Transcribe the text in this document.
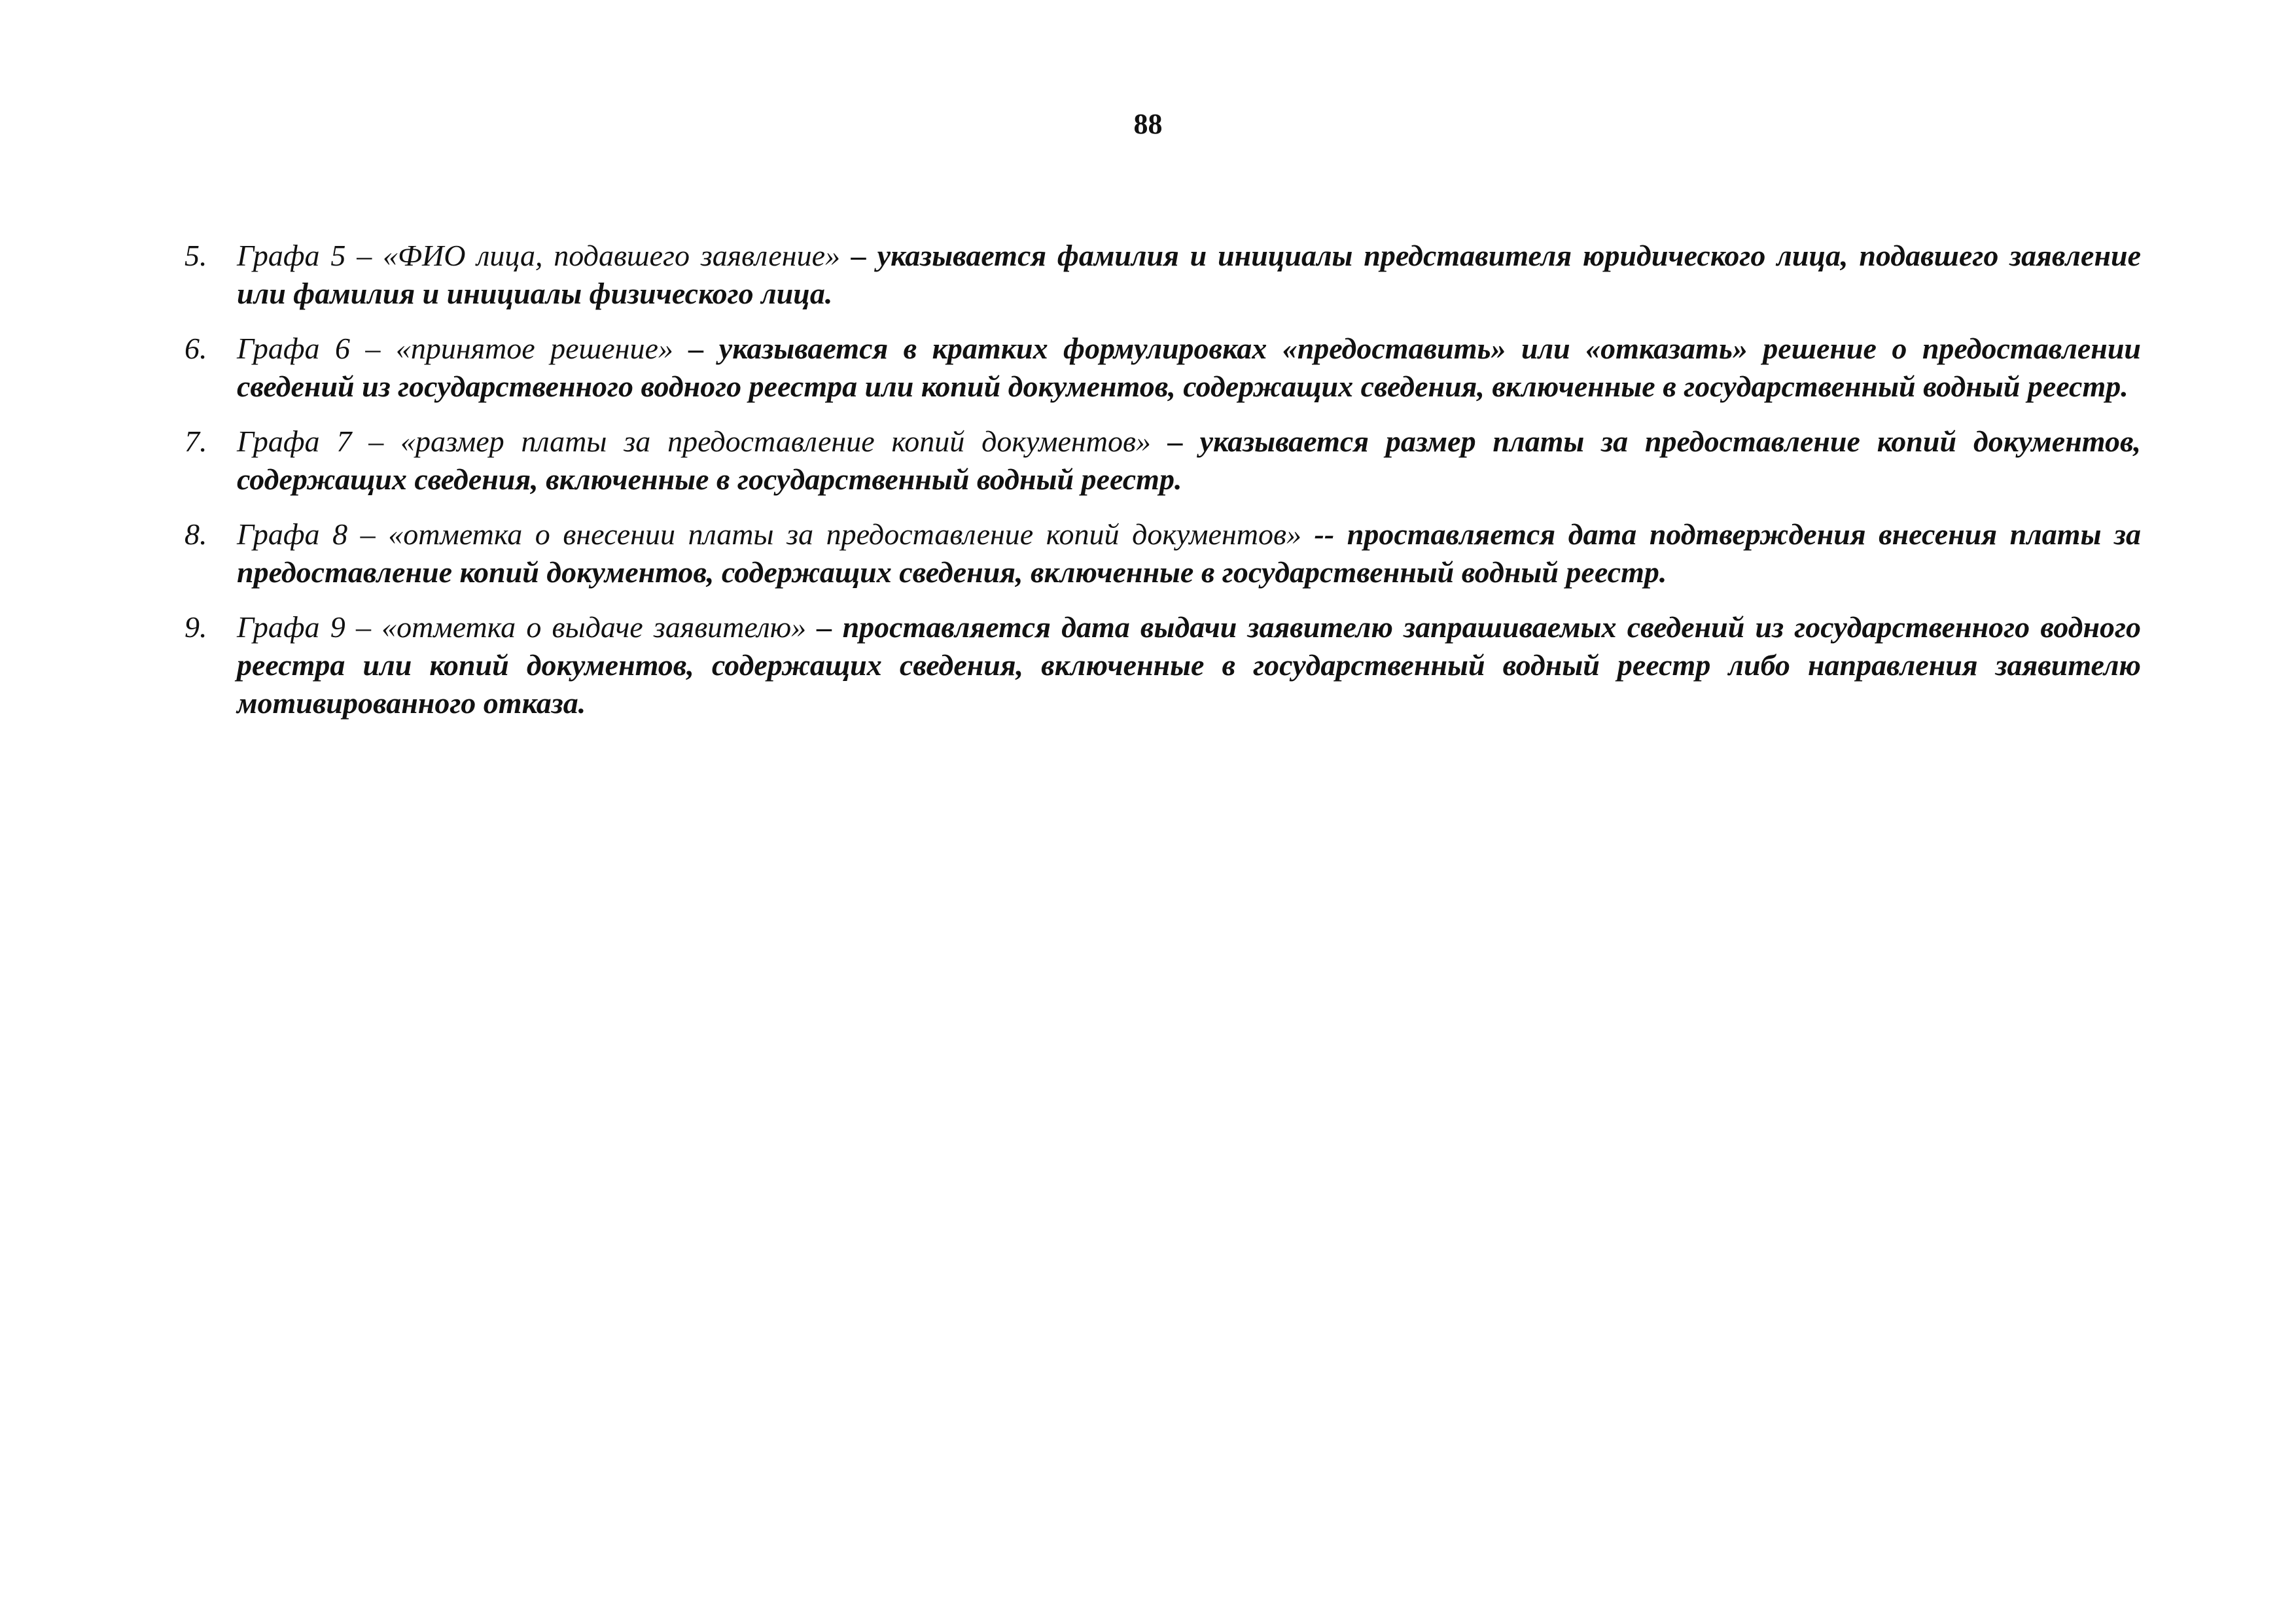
88
5. Графа 5 – «ФИО лица, подавшего заявление» – указывается фамилия и инициалы представителя юридического лица, подавшего заявление или фамилия и инициалы физического лица.
6. Графа 6 – «принятое решение» – указывается в кратких формулировках «предоставить» или «отказать» решение о предоставлении сведений из государственного водного реестра или копий документов, содержащих сведения, включенные в государственный водный реестр.
7. Графа 7 – «размер платы за предоставление копий документов» – указывается размер платы за предоставление копий документов, содержащих сведения, включенные в государственный водный реестр.
8. Графа 8 – «отметка о внесении платы за предоставление копий документов» -- проставляется дата подтверждения внесения платы за предоставление копий документов, содержащих сведения, включенные в государственный водный реестр.
9. Графа 9 – «отметка о выдаче заявителю» – проставляется дата выдачи заявителю запрашиваемых сведений из государственного водного реестра или копий документов, содержащих сведения, включенные в государственный водный реестр либо направления заявителю мотивированного отказа.
